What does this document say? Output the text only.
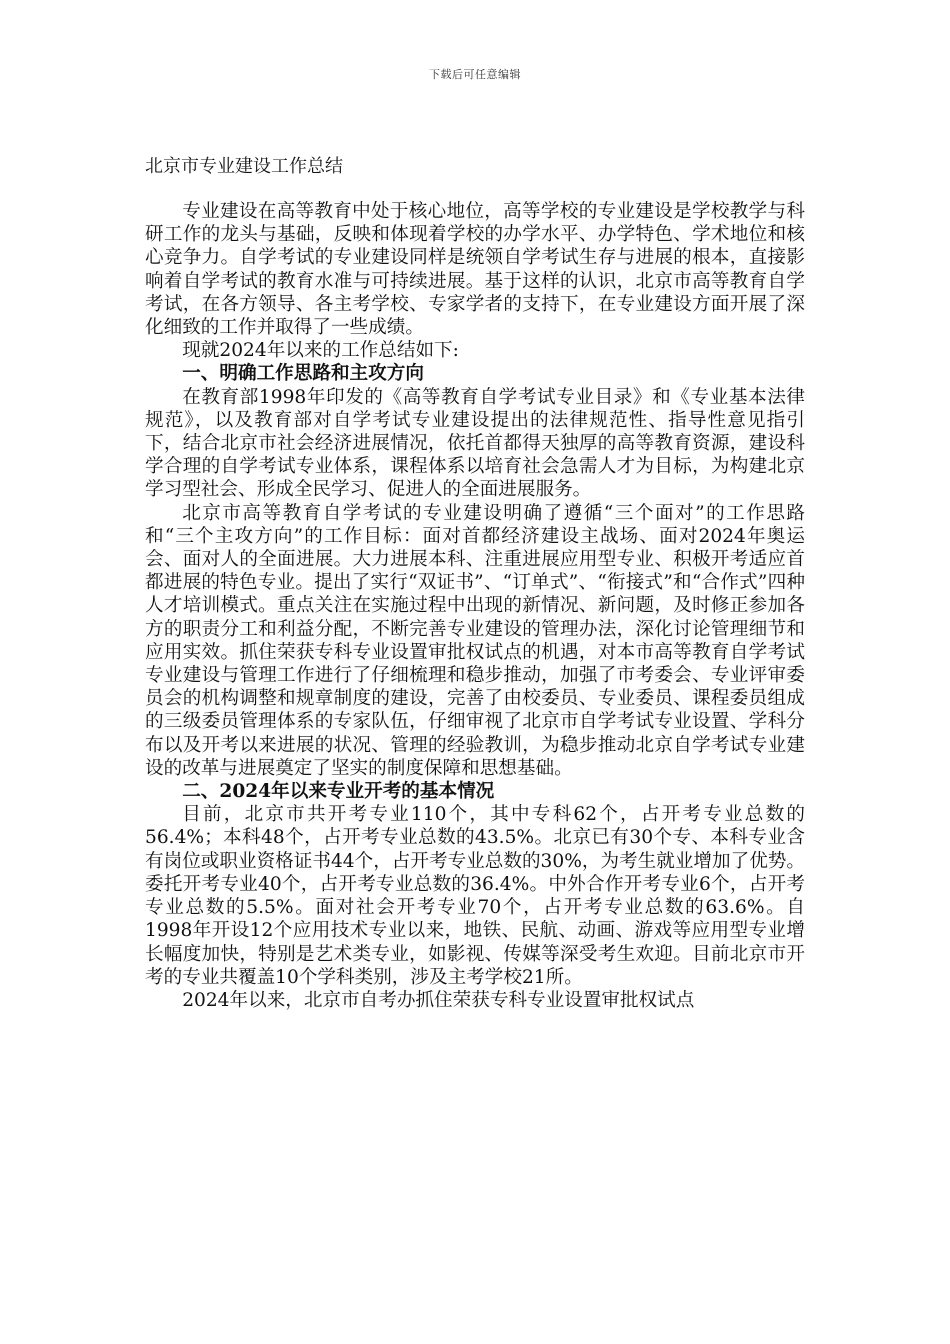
下载后可任意编辑
北京市专业建设工作总结

专业建设在高等教育中处于核心地位，高等学校的专业建设是学校教学与科研工作的龙头与基础，反映和体现着学校的办学水平、办学特色、学术地位和核心竞争力。自学考试的专业建设同样是统领自学考试生存与进展的根本，直接影响着自学考试的教育水准与可持续进展。基于这样的认识，北京市高等教育自学考试，在各方领导、各主考学校、专家学者的支持下，在专业建设方面开展了深化细致的工作并取得了一些成绩。

现就2024年以来的工作总结如下:

一、明确工作思路和主攻方向

在教育部1998年印发的《高等教育自学考试专业目录》和《专业基本法律规范》，以及教育部对自学考试专业建设提出的法律规范性、指导性意见指引下，结合北京市社会经济进展情况，依托首都得天独厚的高等教育资源，建设科学合理的自学考试专业体系，课程体系以培育社会急需人才为目标，为构建北京学习型社会、形成全民学习、促进人的全面进展服务。

北京市高等教育自学考试的专业建设明确了遵循“三个面对”的工作思路和“三个主攻方向”的工作目标：面对首都经济建设主战场、面对2024年奥运会、面对人的全面进展。大力进展本科、注重进展应用型专业、积极开考适应首都进展的特色专业。提出了实行“双证书”、“订单式”、“衔接式”和“合作式”四种人才培训模式。重点关注在实施过程中出现的新情况、新问题，及时修正参加各方的职责分工和利益分配，不断完善专业建设的管理办法，深化讨论管理细节和应用实效。抓住荣获专科专业设置审批权试点的机遇，对本市高等教育自学考试专业建设与管理工作进行了仔细梳理和稳步推动，加强了市考委会、专业评审委员会的机构调整和规章制度的建设，完善了由校委员、专业委员、课程委员组成的三级委员管理体系的专家队伍，仔细审视了北京市自学考试专业设置、学科分布以及开考以来进展的状况、管理的经验教训，为稳步推动北京自学考试专业建设的改革与进展奠定了坚实的制度保障和思想基础。

二、2024年以来专业开考的基本情况

目前，北京市共开考专业110个，其中专科62个，占开考专业总数的56.4%；本科48个，占开考专业总数的43.5%。北京已有30个专、本科专业含有岗位或职业资格证书44个，占开考专业总数的30%，为考生就业增加了优势。委托开考专业40个，占开考专业总数的36.4%。中外合作开考专业6个，占开考专业总数的5.5%。面对社会开考专业70个，占开考专业总数的63.6%。自1998年开设12个应用技术专业以来，地铁、民航、动画、游戏等应用型专业增长幅度加快，特别是艺术类专业，如影视、传媒等深受考生欢迎。目前北京市开考的专业共覆盖10个学科类别，涉及主考学校21所。

2024年以来，北京市自考办抓住荣获专科专业设置审批权试点
